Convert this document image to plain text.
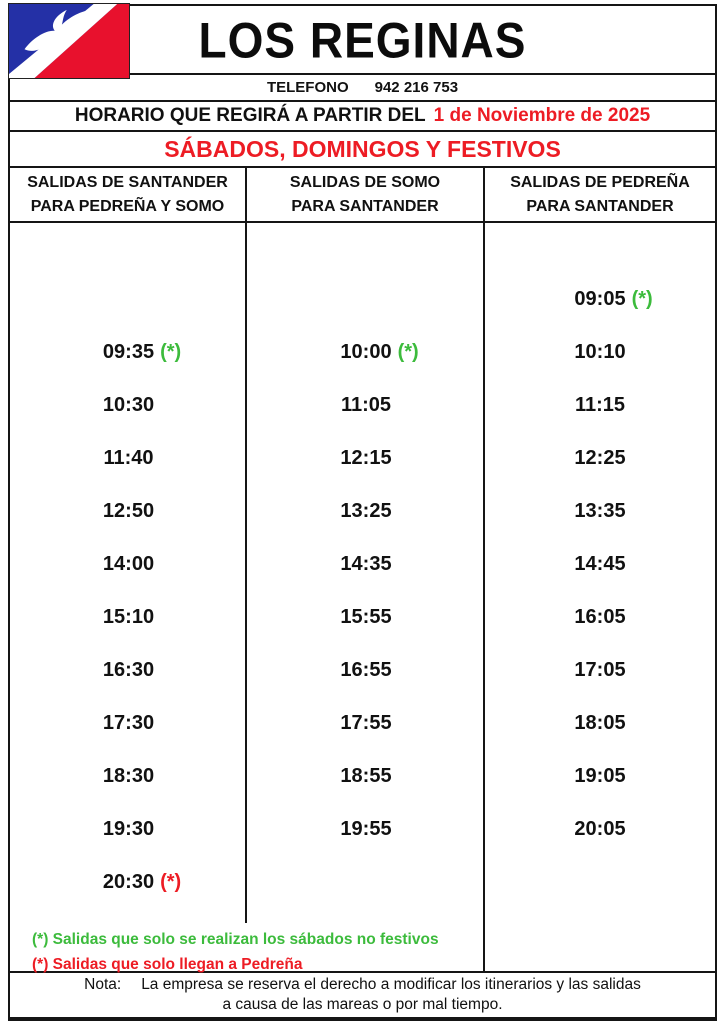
LOS REGINAS
TELEFONO 942 216 753
HORARIO QUE REGIRÁ A PARTIR DEL 1 de Noviembre de 2025
SÁBADOS, DOMINGOS Y FESTIVOS
SALIDAS DE SANTANDER
PARA PEDREÑA Y SOMO
SALIDAS DE SOMO
PARA SANTANDER
SALIDAS DE PEDREÑA
PARA SANTANDER
09:35 (*)
10:30
11:40
12:50
14:00
15:10
16:30
17:30
18:30
19:30
20:30 (*)
10:00 (*)
11:05
12:15
13:25
14:35
15:55
16:55
17:55
18:55
19:55
09:05 (*)
10:10
11:15
12:25
13:35
14:45
16:05
17:05
18:05
19:05
20:05
(*) Salidas que solo se realizan los sábados no festivos
(*) Salidas que solo llegan a Pedreña
Nota: La empresa se reserva el derecho a modificar los itinerarios y las salidas
a causa de las mareas o por mal tiempo.
